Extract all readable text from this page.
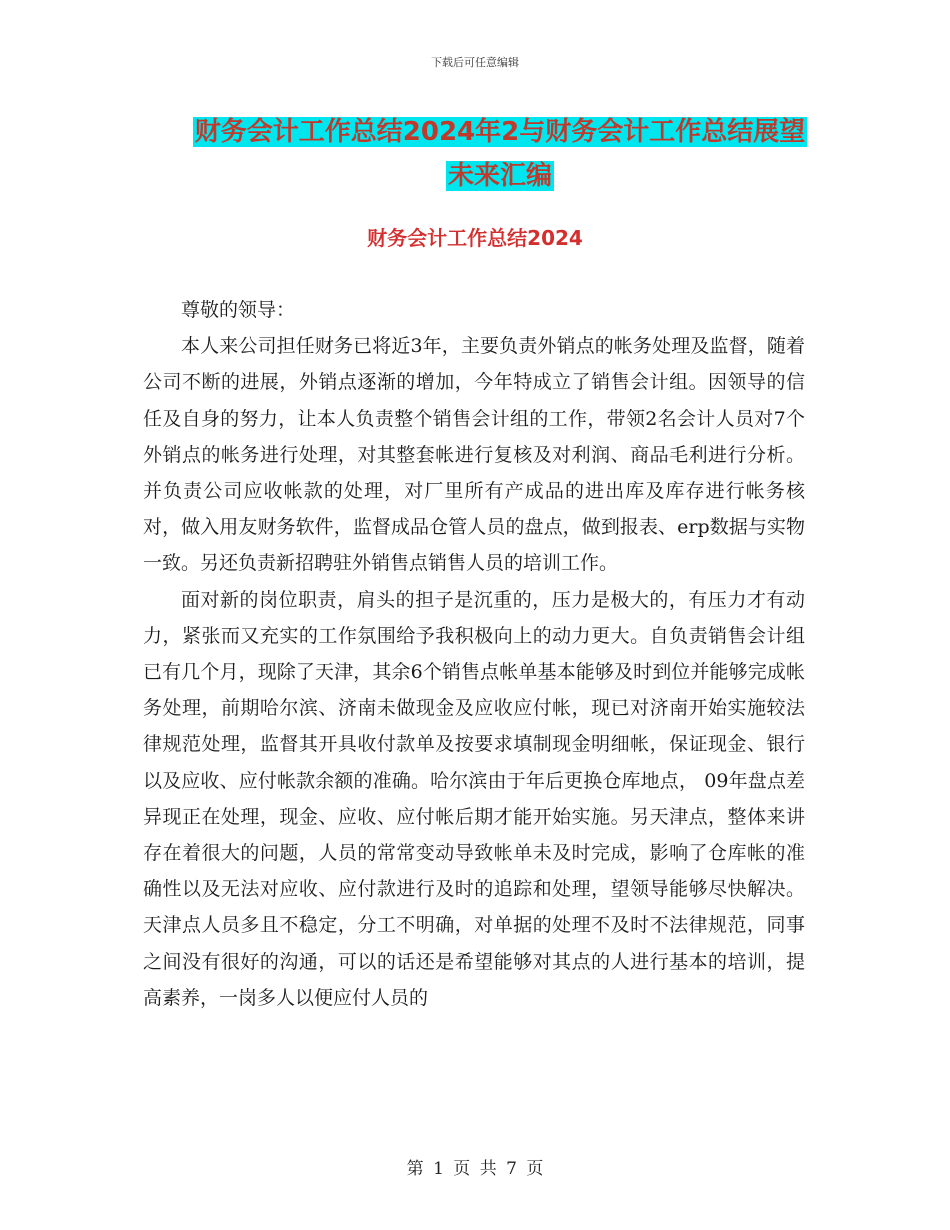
下载后可任意编辑
财务会计工作总结2024年2与财务会计工作总结展望
未来汇编
财务会计工作总结2024

尊敬的领导：

本人来公司担任财务已将近3年，主要负责外销点的帐务处理及监督，随着公司不断的进展，外销点逐渐的增加，今年特成立了销售会计组。因领导的信任及自身的努力，让本人负责整个销售会计组的工作，带领2名会计人员对7个外销点的帐务进行处理，对其整套帐进行复核及对利润、商品毛利进行分析。并负责公司应收帐款的处理，对厂里所有产成品的进出库及库存进行帐务核对，做入用友财务软件，监督成品仓管人员的盘点，做到报表、erp数据与实物一致。另还负责新招聘驻外销售点销售人员的培训工作。

面对新的岗位职责，肩头的担子是沉重的，压力是极大的，有压力才有动力，紧张而又充实的工作氛围给予我积极向上的动力更大。自负责销售会计组已有几个月，现除了天津，其余6个销售点帐单基本能够及时到位并能够完成帐务处理，前期哈尔滨、济南未做现金及应收应付帐，现已对济南开始实施较法律规范处理，监督其开具收付款单及按要求填制现金明细帐，保证现金、银行以及应收、应付帐款余额的准确。哈尔滨由于年后更换仓库地点， 09年盘点差异现正在处理，现金、应收、应付帐后期才能开始实施。另天津点，整体来讲存在着很大的问题，人员的常常变动导致帐单未及时完成，影响了仓库帐的准确性以及无法对应收、应付款进行及时的追踪和处理，望领导能够尽快解决。天津点人员多且不稳定，分工不明确，对单据的处理不及时不法律规范，同事之间没有很好的沟通，可以的话还是希望能够对其点的人进行基本的培训，提高素养，一岗多人以便应付人员的

第 1 页 共 7 页
